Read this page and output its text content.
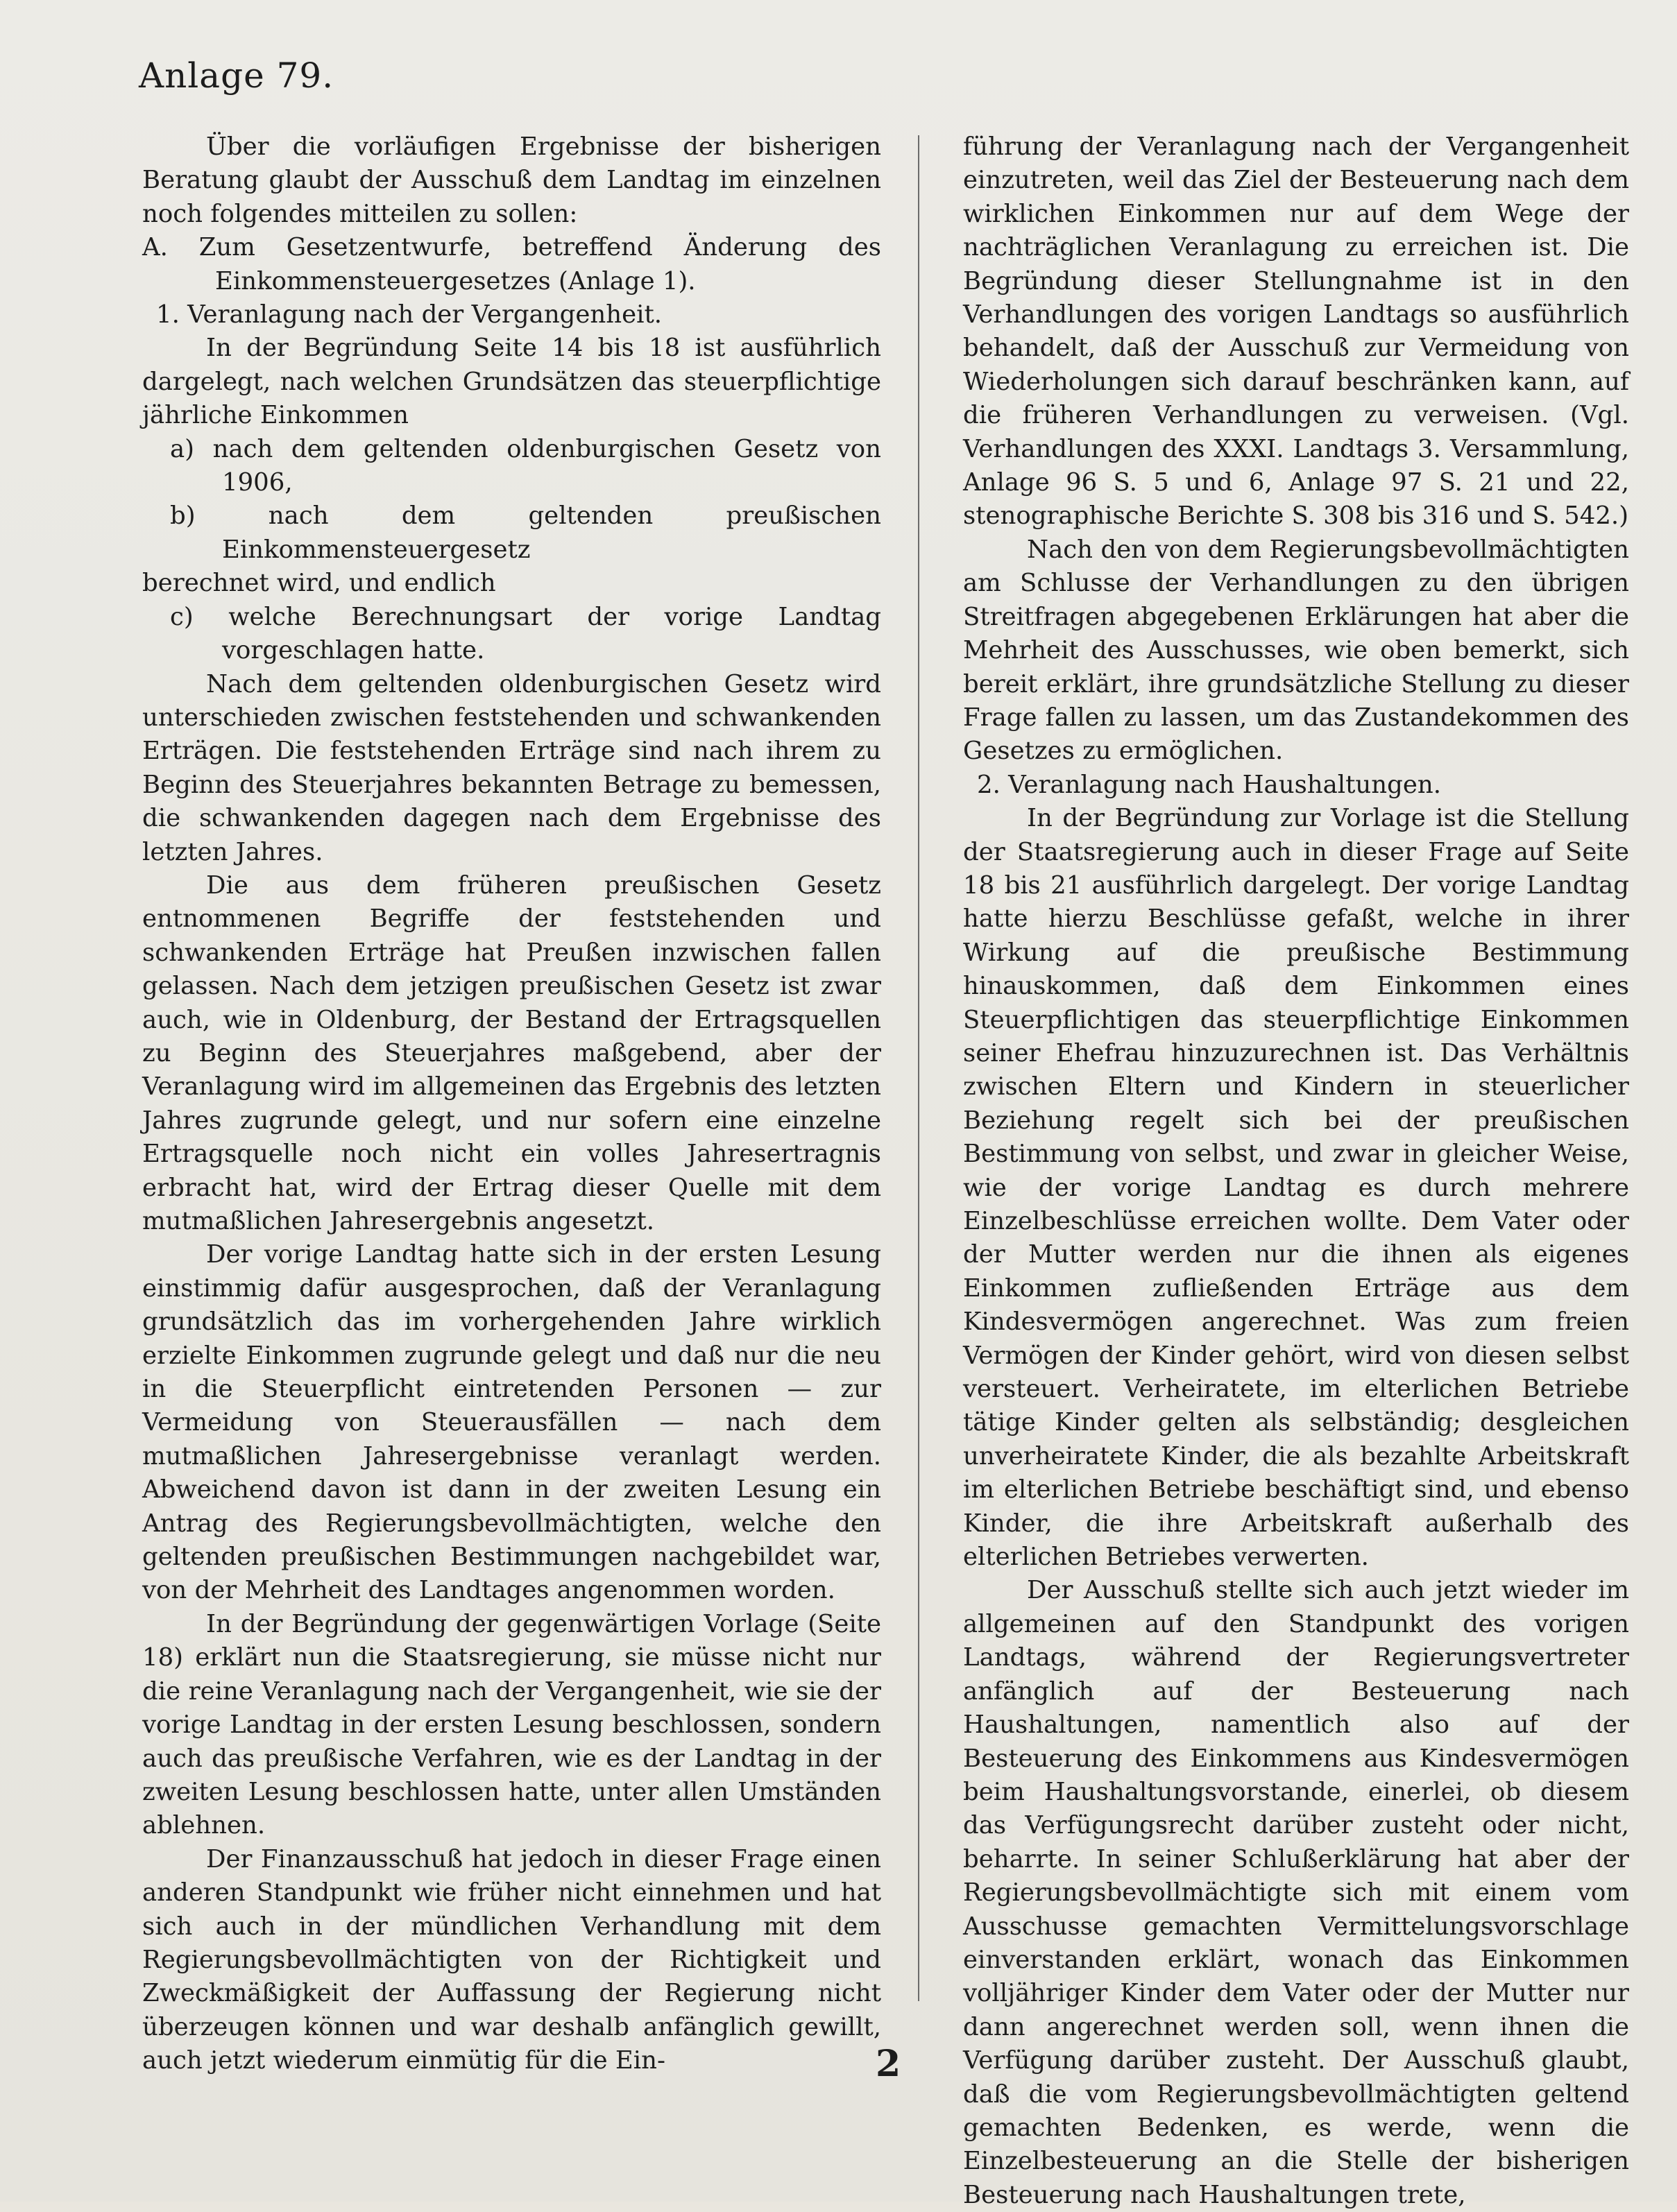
Anlage 79.

Über die vorläufigen Ergebnisse der bisherigen Beratung glaubt der Ausschuß dem Landtag im einzelnen noch folgendes mitteilen zu sollen:

A. Zum Gesetzentwurfe, betreffend Änderung des Einkommensteuergesetzes (Anlage 1).

1. Veranlagung nach der Vergangenheit.

In der Begründung Seite 14 bis 18 ist ausführlich dargelegt, nach welchen Grundsätzen das steuerpflichtige jährliche Einkommen

a) nach dem geltenden oldenburgischen Gesetz von 1906,

b) nach dem geltenden preußischen Einkommensteuergesetz

berechnet wird, und endlich

c) welche Berechnungsart der vorige Landtag vorgeschlagen hatte.

Nach dem geltenden oldenburgischen Gesetz wird unterschieden zwischen feststehenden und schwankenden Erträgen. Die feststehenden Erträge sind nach ihrem zu Beginn des Steuerjahres bekannten Betrage zu bemessen, die schwankenden dagegen nach dem Ergebnisse des letzten Jahres.

Die aus dem früheren preußischen Gesetz entnommenen Begriffe der feststehenden und schwankenden Erträge hat Preußen inzwischen fallen gelassen. Nach dem jetzigen preußischen Gesetz ist zwar auch, wie in Oldenburg, der Bestand der Ertragsquellen zu Beginn des Steuerjahres maßgebend, aber der Veranlagung wird im allgemeinen das Ergebnis des letzten Jahres zugrunde gelegt, und nur sofern eine einzelne Ertragsquelle noch nicht ein volles Jahresertragnis erbracht hat, wird der Ertrag dieser Quelle mit dem mutmaßlichen Jahresergebnis angesetzt.

Der vorige Landtag hatte sich in der ersten Lesung einstimmig dafür ausgesprochen, daß der Veranlagung grundsätzlich das im vorhergehenden Jahre wirklich erzielte Einkommen zugrunde gelegt und daß nur die neu in die Steuerpflicht eintretenden Personen — zur Vermeidung von Steuerausfällen — nach dem mutmaßlichen Jahresergebnisse veranlagt werden. Abweichend davon ist dann in der zweiten Lesung ein Antrag des Regierungsbevollmächtigten, welche den geltenden preußischen Bestimmungen nachgebildet war, von der Mehrheit des Landtages angenommen worden.

In der Begründung der gegenwärtigen Vorlage (Seite 18) erklärt nun die Staatsregierung, sie müsse nicht nur die reine Veranlagung nach der Vergangenheit, wie sie der vorige Landtag in der ersten Lesung beschlossen, sondern auch das preußische Verfahren, wie es der Landtag in der zweiten Lesung beschlossen hatte, unter allen Umständen ablehnen.

Der Finanzausschuß hat jedoch in dieser Frage einen anderen Standpunkt wie früher nicht einnehmen und hat sich auch in der mündlichen Verhandlung mit dem Regierungsbevollmächtigten von der Richtigkeit und Zweckmäßigkeit der Auffassung der Regierung nicht überzeugen können und war deshalb anfänglich gewillt, auch jetzt wiederum einmütig für die Ein-

führung der Veranlagung nach der Vergangenheit einzutreten, weil das Ziel der Besteuerung nach dem wirklichen Einkommen nur auf dem Wege der nachträglichen Veranlagung zu erreichen ist. Die Begründung dieser Stellungnahme ist in den Verhandlungen des vorigen Landtags so ausführlich behandelt, daß der Ausschuß zur Vermeidung von Wiederholungen sich darauf beschränken kann, auf die früheren Verhandlungen zu verweisen. (Vgl. Verhandlungen des XXXI. Landtags 3. Versammlung, Anlage 96 S. 5 und 6, Anlage 97 S. 21 und 22, stenographische Berichte S. 308 bis 316 und S. 542.)

Nach den von dem Regierungsbevollmächtigten am Schlusse der Verhandlungen zu den übrigen Streitfragen abgegebenen Erklärungen hat aber die Mehrheit des Ausschusses, wie oben bemerkt, sich bereit erklärt, ihre grundsätzliche Stellung zu dieser Frage fallen zu lassen, um das Zustandekommen des Gesetzes zu ermöglichen.

2. Veranlagung nach Haushaltungen.

In der Begründung zur Vorlage ist die Stellung der Staatsregierung auch in dieser Frage auf Seite 18 bis 21 ausführlich dargelegt. Der vorige Landtag hatte hierzu Beschlüsse gefaßt, welche in ihrer Wirkung auf die preußische Bestimmung hinauskommen, daß dem Einkommen eines Steuerpflichtigen das steuerpflichtige Einkommen seiner Ehefrau hinzuzurechnen ist. Das Verhältnis zwischen Eltern und Kindern in steuerlicher Beziehung regelt sich bei der preußischen Bestimmung von selbst, und zwar in gleicher Weise, wie der vorige Landtag es durch mehrere Einzelbeschlüsse erreichen wollte. Dem Vater oder der Mutter werden nur die ihnen als eigenes Einkommen zufließenden Erträge aus dem Kindesvermögen angerechnet. Was zum freien Vermögen der Kinder gehört, wird von diesen selbst versteuert. Verheiratete, im elterlichen Betriebe tätige Kinder gelten als selbständig; desgleichen unverheiratete Kinder, die als bezahlte Arbeitskraft im elterlichen Betriebe beschäftigt sind, und ebenso Kinder, die ihre Arbeitskraft außerhalb des elterlichen Betriebes verwerten.

Der Ausschuß stellte sich auch jetzt wieder im allgemeinen auf den Standpunkt des vorigen Landtags, während der Regierungsvertreter anfänglich auf der Besteuerung nach Haushaltungen, namentlich also auf der Besteuerung des Einkommens aus Kindesvermögen beim Haushaltungsvorstande, einerlei, ob diesem das Verfügungsrecht darüber zusteht oder nicht, beharrte. In seiner Schlußerklärung hat aber der Regierungsbevollmächtigte sich mit einem vom Ausschusse gemachten Vermittelungsvorschlage einverstanden erklärt, wonach das Einkommen volljähriger Kinder dem Vater oder der Mutter nur dann angerechnet werden soll, wenn ihnen die Verfügung darüber zusteht. Der Ausschuß glaubt, daß die vom Regierungsbevollmächtigten geltend gemachten Bedenken, es werde, wenn die Einzelbesteuerung an die Stelle der bisherigen Besteuerung nach Haushaltungen trete,

2
